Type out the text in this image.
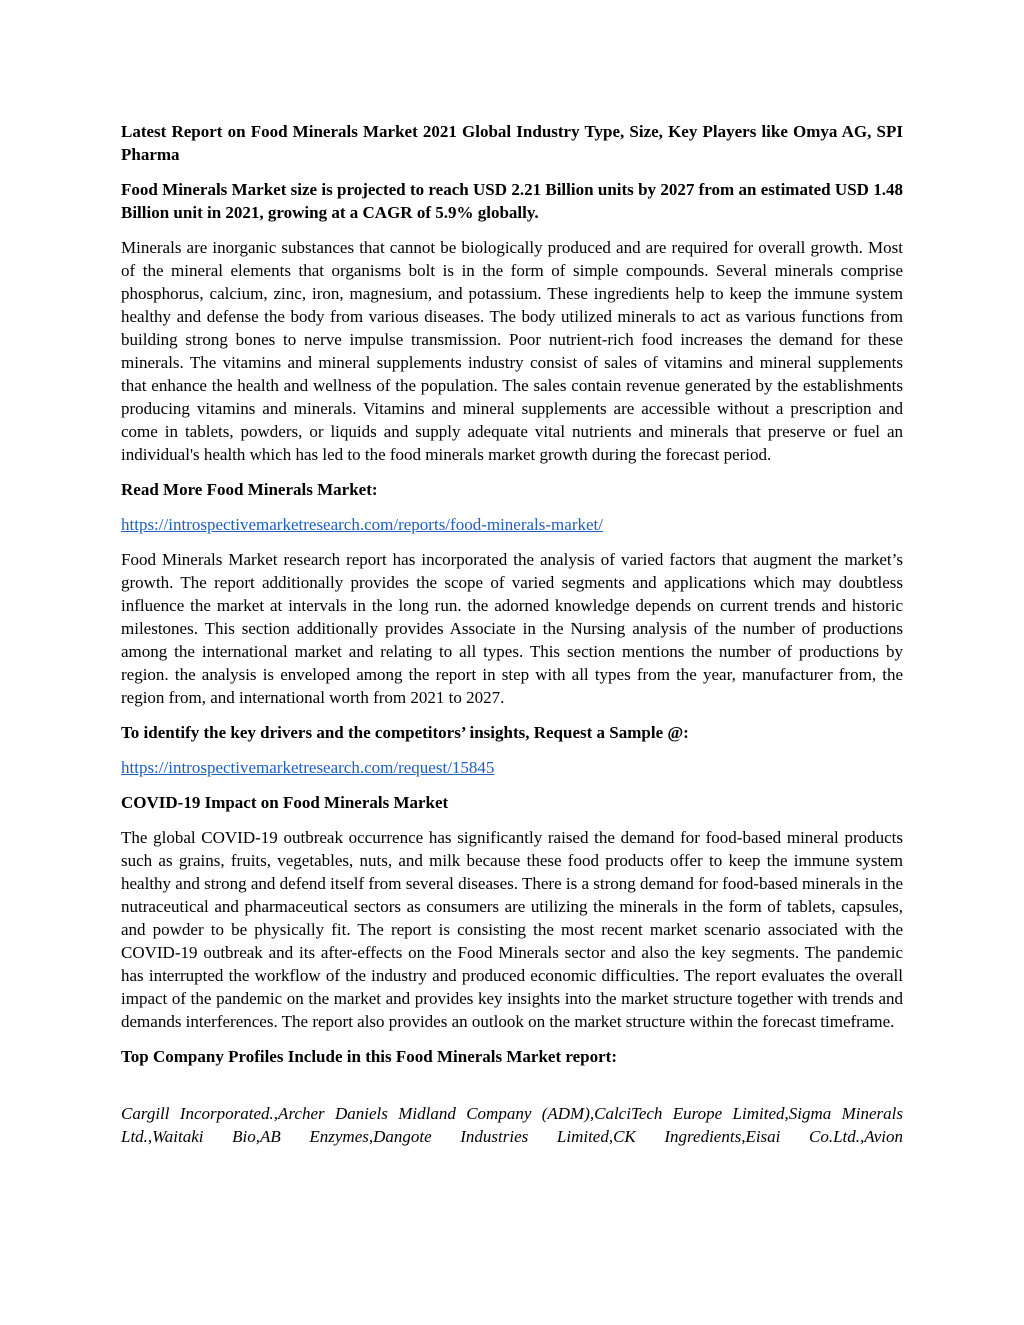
Latest Report on Food Minerals Market 2021 Global Industry Type, Size, Key Players like Omya AG, SPI Pharma
Food Minerals Market size is projected to reach USD 2.21 Billion units by 2027 from an estimated USD 1.48 Billion unit in 2021, growing at a CAGR of 5.9% globally.
Minerals are inorganic substances that cannot be biologically produced and are required for overall growth. Most of the mineral elements that organisms bolt is in the form of simple compounds. Several minerals comprise phosphorus, calcium, zinc, iron, magnesium, and potassium. These ingredients help to keep the immune system healthy and defense the body from various diseases. The body utilized minerals to act as various functions from building strong bones to nerve impulse transmission. Poor nutrient-rich food increases the demand for these minerals. The vitamins and mineral supplements industry consist of sales of vitamins and mineral supplements that enhance the health and wellness of the population. The sales contain revenue generated by the establishments producing vitamins and minerals. Vitamins and mineral supplements are accessible without a prescription and come in tablets, powders, or liquids and supply adequate vital nutrients and minerals that preserve or fuel an individual's health which has led to the food minerals market growth during the forecast period.
Read More Food Minerals Market:
https://introspectivemarketresearch.com/reports/food-minerals-market/
Food Minerals Market research report has incorporated the analysis of varied factors that augment the market’s growth. The report additionally provides the scope of varied segments and applications which may doubtless influence the market at intervals in the long run. the adorned knowledge depends on current trends and historic milestones. This section additionally provides Associate in the Nursing analysis of the number of productions among the international market and relating to all types. This section mentions the number of productions by region. the analysis is enveloped among the report in step with all types from the year, manufacturer from, the region from, and international worth from 2021 to 2027.
To identify the key drivers and the competitors’ insights, Request a Sample @:
https://introspectivemarketresearch.com/request/15845
COVID-19 Impact on Food Minerals Market
The global COVID-19 outbreak occurrence has significantly raised the demand for food-based mineral products such as grains, fruits, vegetables, nuts, and milk because these food products offer to keep the immune system healthy and strong and defend itself from several diseases. There is a strong demand for food-based minerals in the nutraceutical and pharmaceutical sectors as consumers are utilizing the minerals in the form of tablets, capsules, and powder to be physically fit. The report is consisting the most recent market scenario associated with the COVID-19 outbreak and its after-effects on the Food Minerals sector and also the key segments. The pandemic has interrupted the workflow of the industry and produced economic difficulties. The report evaluates the overall impact of the pandemic on the market and provides key insights into the market structure together with trends and demands interferences. The report also provides an outlook on the market structure within the forecast timeframe.
Top Company Profiles Include in this Food Minerals Market report:
Cargill Incorporated.,Archer Daniels Midland Company (ADM),CalciTech Europe Limited,Sigma Minerals Ltd.,Waitaki Bio,AB Enzymes,Dangote Industries Limited,CK Ingredients,Eisai Co.Ltd.,Avion
